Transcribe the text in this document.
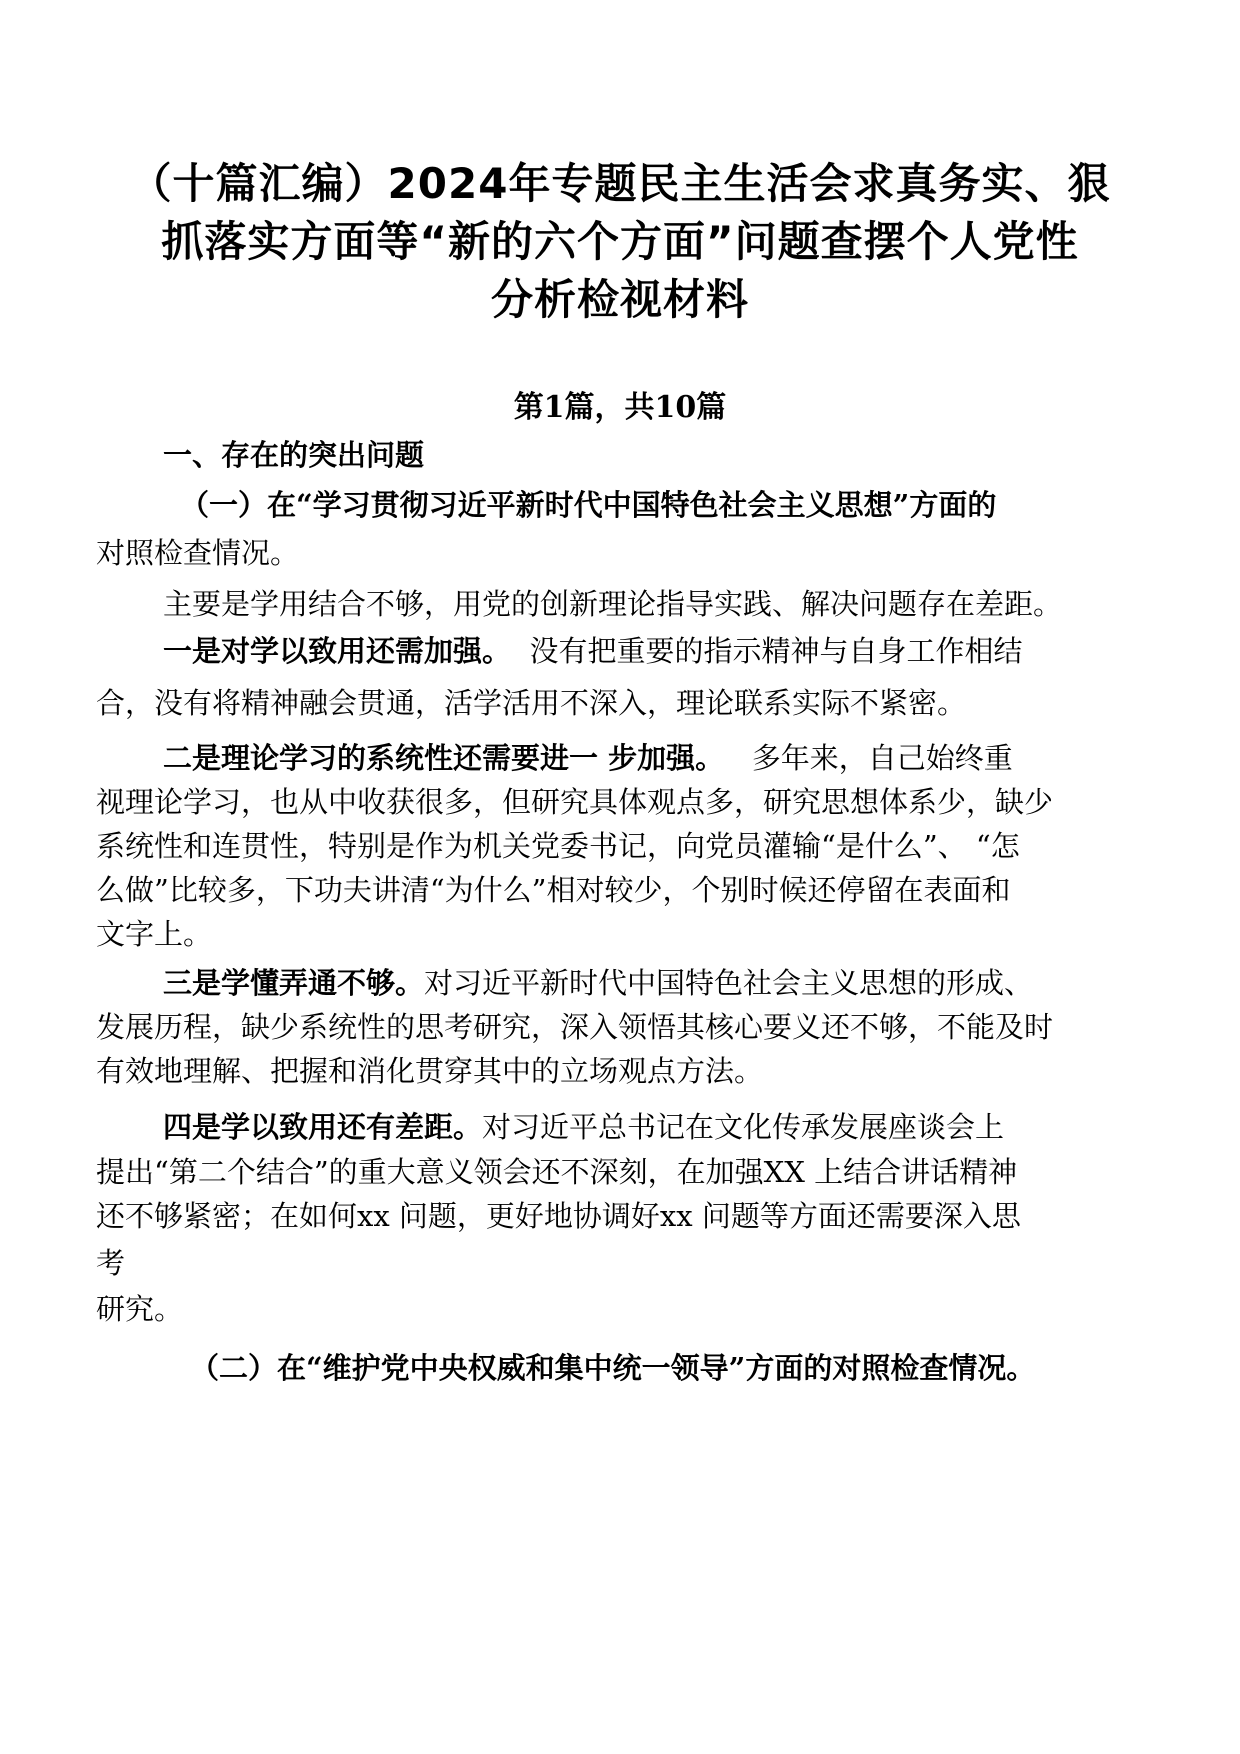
（十篇汇编）2024年专题民主生活会求真务实、狠
抓落实方面等“新的六个方面”问题查摆个人党性
分析检视材料
第1篇，共10篇
一、存在的突出问题
（一）在“学习贯彻习近平新时代中国特色社会主义思想”方面的
对照检查情况。
主要是学用结合不够，用党的创新理论指导实践、解决问题存在差距。
一是对学以致用还需加强。 没有把重要的指示精神与自身工作相结
合，没有将精神融会贯通，活学活用不深入，理论联系实际不紧密。
二是理论学习的系统性还需要进一 步加强。 多年来，自己始终重
视理论学习，也从中收获很多，但研究具体观点多，研究思想体系少，缺少
系统性和连贯性，特别是作为机关党委书记，向党员灌输“是什么”、 “怎
么做”比较多，下功夫讲清“为什么”相对较少，个别时候还停留在表面和
文字上。
三是学懂弄通不够。对习近平新时代中国特色社会主义思想的形成、
发展历程，缺少系统性的思考研究，深入领悟其核心要义还不够，不能及时
有效地理解、把握和消化贯穿其中的立场观点方法。
四是学以致用还有差距。对习近平总书记在文化传承发展座谈会上
提出“第二个结合”的重大意义领会还不深刻，在加强XX 上结合讲话精神
还不够紧密；在如何xx 问题，更好地协调好xx 问题等方面还需要深入思
考
研究。
（二）在“维护党中央权威和集中统一领导”方面的对照检查情况。
